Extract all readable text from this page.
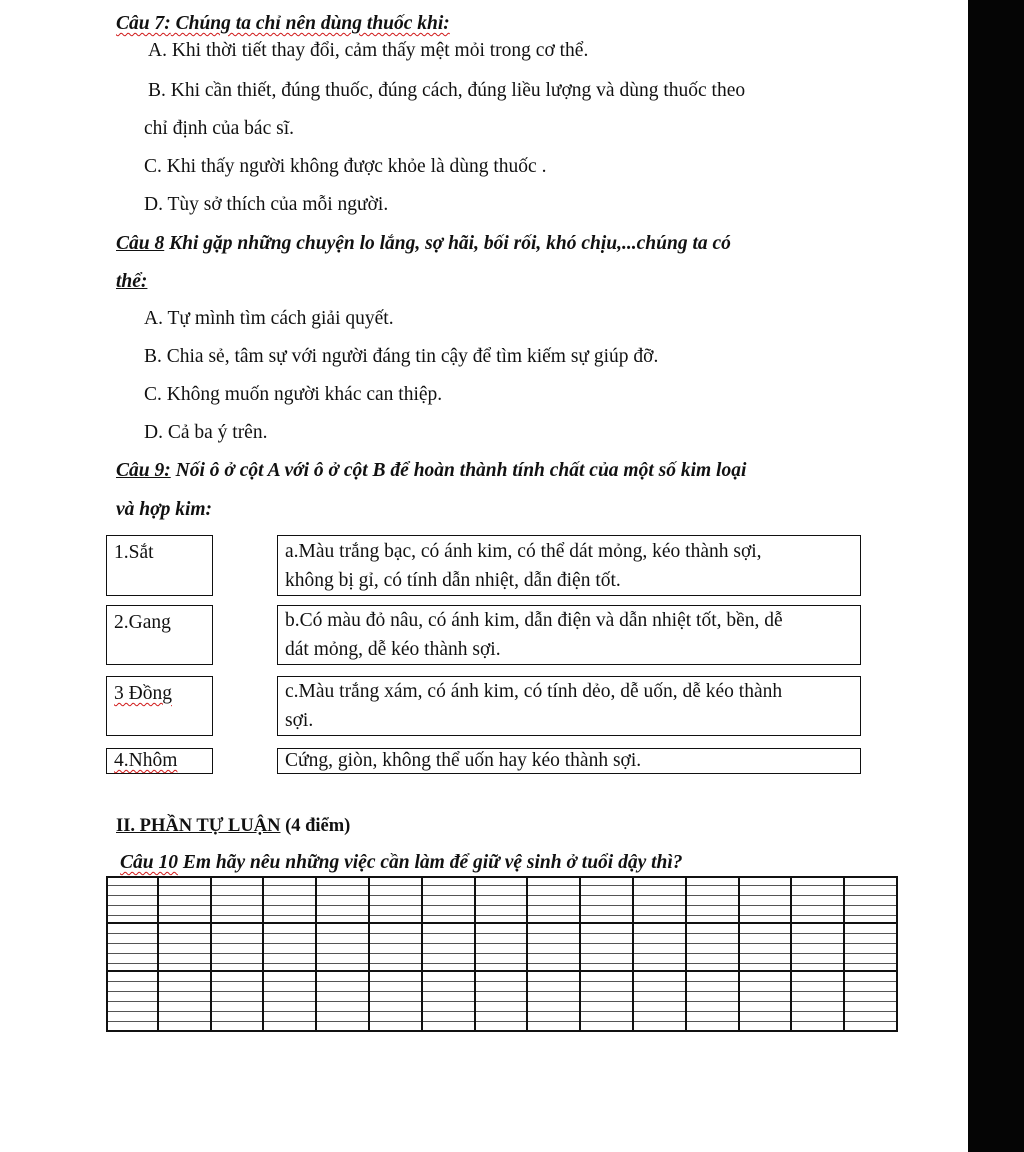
Câu 7: Chúng ta chỉ nên dùng thuốc khi:
A. Khi thời tiết thay đổi, cảm thấy mệt mỏi trong cơ thể.
B. Khi cần thiết, đúng thuốc, đúng cách, đúng liều lượng và dùng thuốc theo
chỉ định của bác sĩ.
C. Khi thấy người không được khỏe là dùng thuốc .
D. Tùy sở thích của mỗi người.
Câu 8 Khi gặp những chuyện lo lắng, sợ hãi, bối rối, khó chịu,...chúng ta có
thể:
A. Tự mình tìm cách giải quyết.
B. Chia sẻ, tâm sự với người đáng tin cậy để tìm kiếm sự giúp đỡ.
C. Không muốn người khác can thiệp.
D. Cả ba ý trên.
Câu 9: Nối ô ở cột A với ô ở cột B để hoàn thành tính chất của một số kim loại
và hợp kim:
1.Sắt
2.Gang
3 Đồng
4.Nhôm
a.Màu trắng bạc, có ánh kim, có thể dát mỏng, kéo thành sợi,
không bị gỉ, có tính dẫn nhiệt, dẫn điện tốt.
b.Có màu đỏ nâu, có ánh kim, dẫn điện và dẫn nhiệt tốt, bền, dễ
dát mỏng, dễ kéo thành sợi.
c.Màu trắng xám, có ánh kim, có tính dẻo, dễ uốn, dễ kéo thành
sợi.
Cứng, giòn, không thể uốn hay kéo thành sợi.
II. PHẦN TỰ LUẬN (4 điểm)
Câu 10 Em hãy nêu những việc cần làm để giữ vệ sinh ở tuổi dậy thì?
